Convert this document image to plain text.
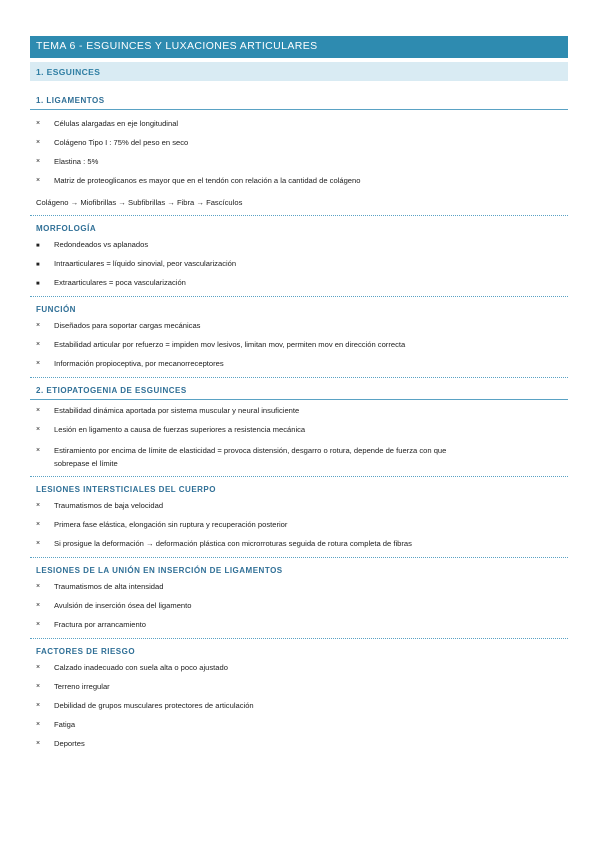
TEMA 6 - ESGUINCES Y LUXACIONES ARTICULARES
1. ESGUINCES
1. LIGAMENTOS
×	Células alargadas en eje longitudinal
×	Colágeno Tipo I : 75% del peso en seco
×	Elastina : 5%
×	Matriz de proteoglicanos es mayor que en el tendón con relación a la cantidad de colágeno
Colágeno → Miofibrillas → Subfibrillas → Fibra → Fascículos
MORFOLOGÍA
■	Redondeados vs aplanados
■	Intraarticulares = líquido sinovial, peor vascularización
■	Extraarticulares = poca vascularización
FUNCIÓN
×	Diseñados para soportar cargas mecánicas
×	Estabilidad articular por refuerzo = impiden mov lesivos, limitan mov, permiten mov en dirección correcta
×	Información propioceptiva, por mecanorreceptores
2. ETIOPATOGENIA DE ESGUINCES
×	Estabilidad dinámica aportada por sistema muscular y neural insuficiente
×	Lesión en ligamento a causa de fuerzas superiores a resistencia mecánica
×	Estiramiento por encima de límite de elasticidad = provoca distensión, desgarro o rotura, depende de fuerza con que
sobrepase el límite
LESIONES INTERSTICIALES DEL CUERPO
×	Traumatismos de baja velocidad
×	Primera fase elástica, elongación sin ruptura y recuperación posterior
×	Si prosigue la deformación → deformación plástica con microrroturas seguida de rotura completa de fibras
LESIONES DE LA UNIÓN EN INSERCIÓN DE LIGAMENTOS
×	Traumatismos de alta intensidad
×	Avulsión de inserción ósea del ligamento
×	Fractura por arrancamiento
FACTORES DE RIESGO
×	Calzado inadecuado con suela alta o poco ajustado
×	Terreno irregular
×	Debilidad de grupos musculares protectores de articulación
×	Fatiga
×	Deportes
